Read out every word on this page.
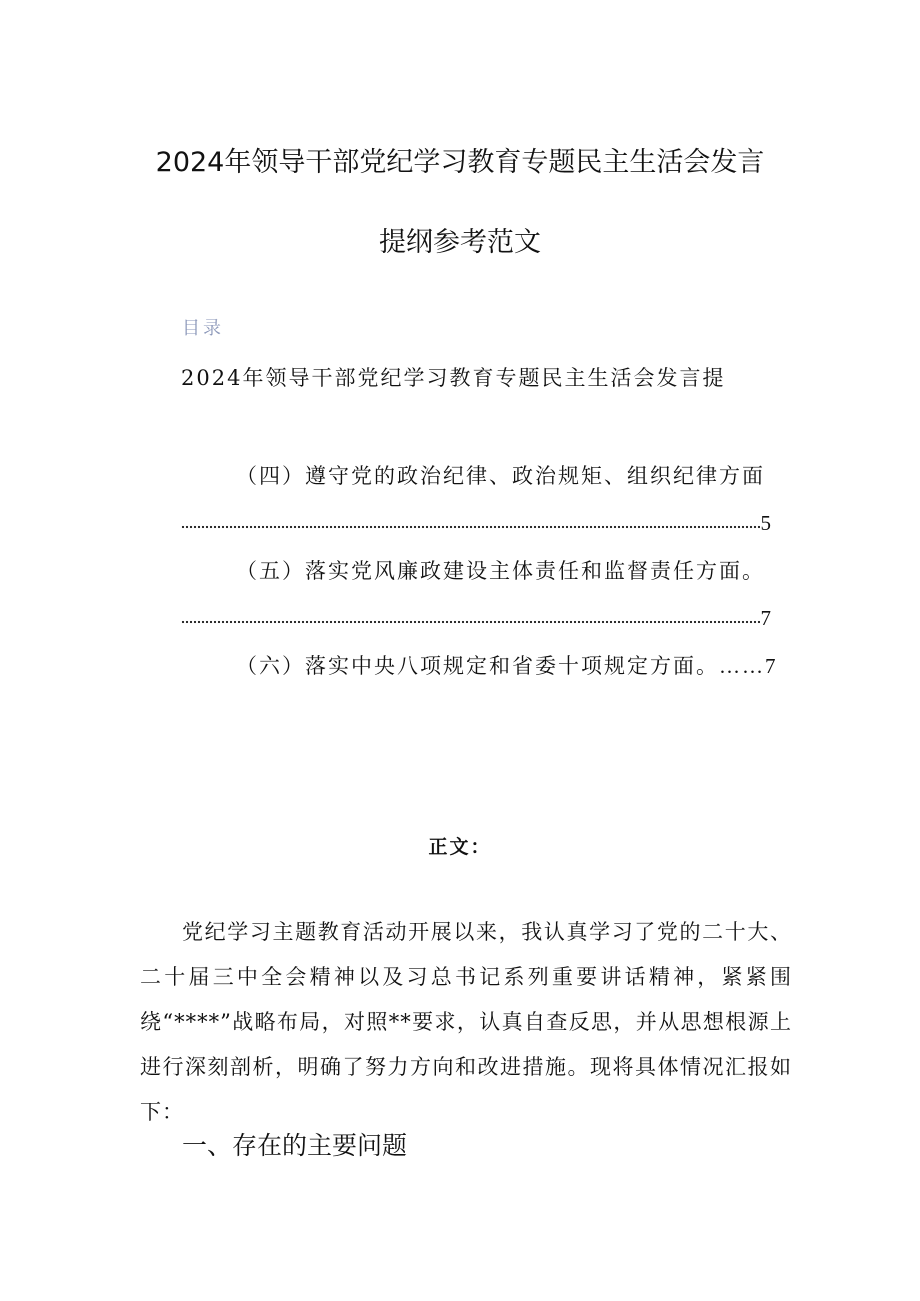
2024年领导干部党纪学习教育专题民主生活会发言
提纲参考范文
目录
2024年领导干部党纪学习教育专题民主生活会发言提
（四）遵守党的政治纪律、政治规矩、组织纪律方面
5
（五）落实党风廉政建设主体责任和监督责任方面。
7
（六）落实中央八项规定和省委十项规定方面。……7
正文：

党纪学习主题教育活动开展以来，我认真学习了党的二十大、二十届三中全会精神以及习总书记系列重要讲话精神，紧紧围绕“****”战略布局，对照**要求，认真自查反思，并从思想根源上进行深刻剖析，明确了努力方向和改进措施。现将具体情况汇报如下：

一、存在的主要问题
